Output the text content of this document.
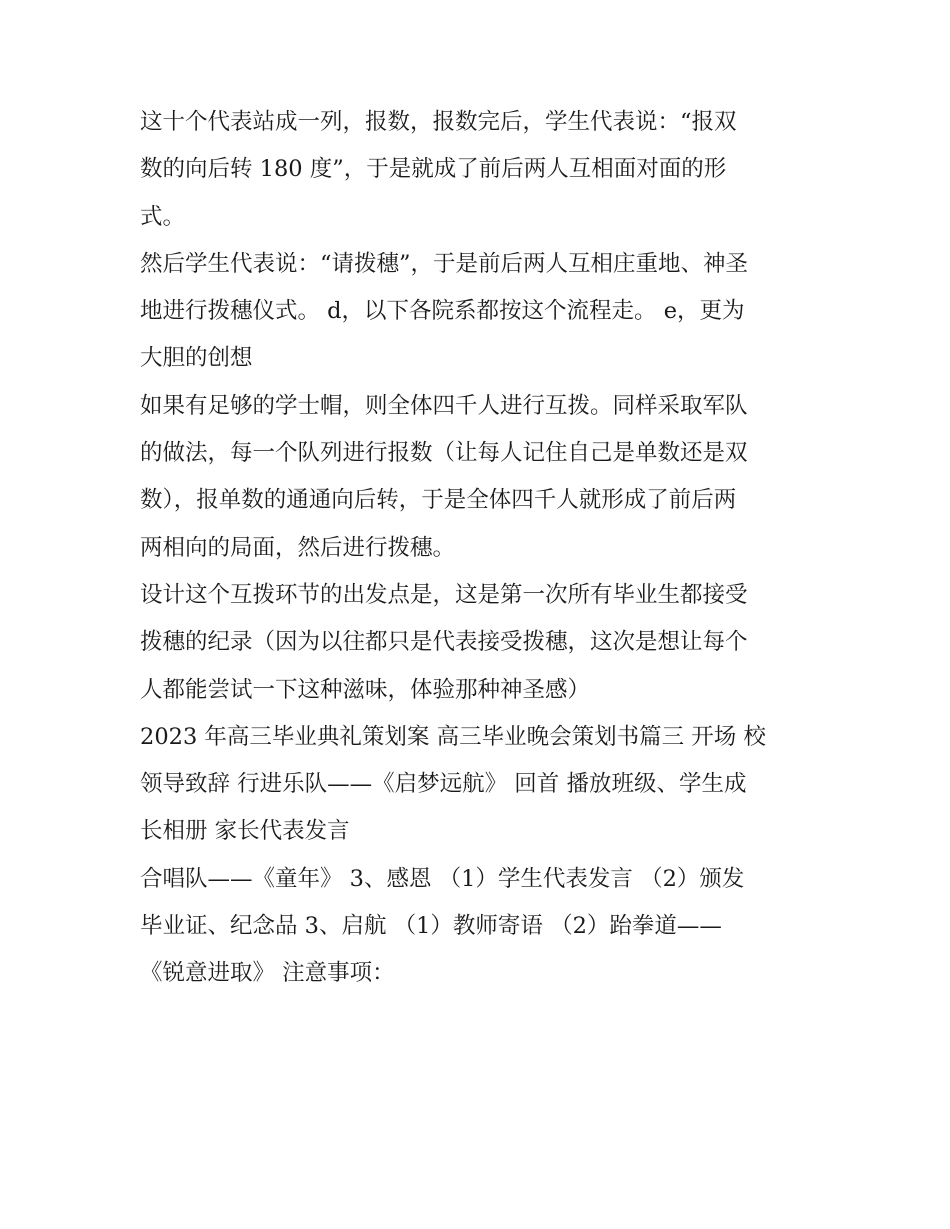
这十个代表站成一列，报数，报数完后，学生代表说：“报双
数的向后转 180 度”，于是就成了前后两人互相面对面的形
式。
然后学生代表说：“请拨穗”，于是前后两人互相庄重地、神圣
地进行拨穗仪式。 d，以下各院系都按这个流程走。 e，更为
大胆的创想
如果有足够的学士帽，则全体四千人进行互拨。同样采取军队
的做法，每一个队列进行报数（让每人记住自己是单数还是双
数），报单数的通通向后转，于是全体四千人就形成了前后两
两相向的局面，然后进行拨穗。
设计这个互拨环节的出发点是，这是第一次所有毕业生都接受
拨穗的纪录（因为以往都只是代表接受拨穗，这次是想让每个
人都能尝试一下这种滋味，体验那种神圣感）
2023 年高三毕业典礼策划案 高三毕业晚会策划书篇三 开场 校
领导致辞 行进乐队——《启梦远航》 回首 播放班级、学生成
长相册 家长代表发言
合唱队——《童年》 3、感恩 （1）学生代表发言 （2）颁发
毕业证、纪念品 3、启航 （1）教师寄语 （2）跆拳道——
《锐意进取》 注意事项：
